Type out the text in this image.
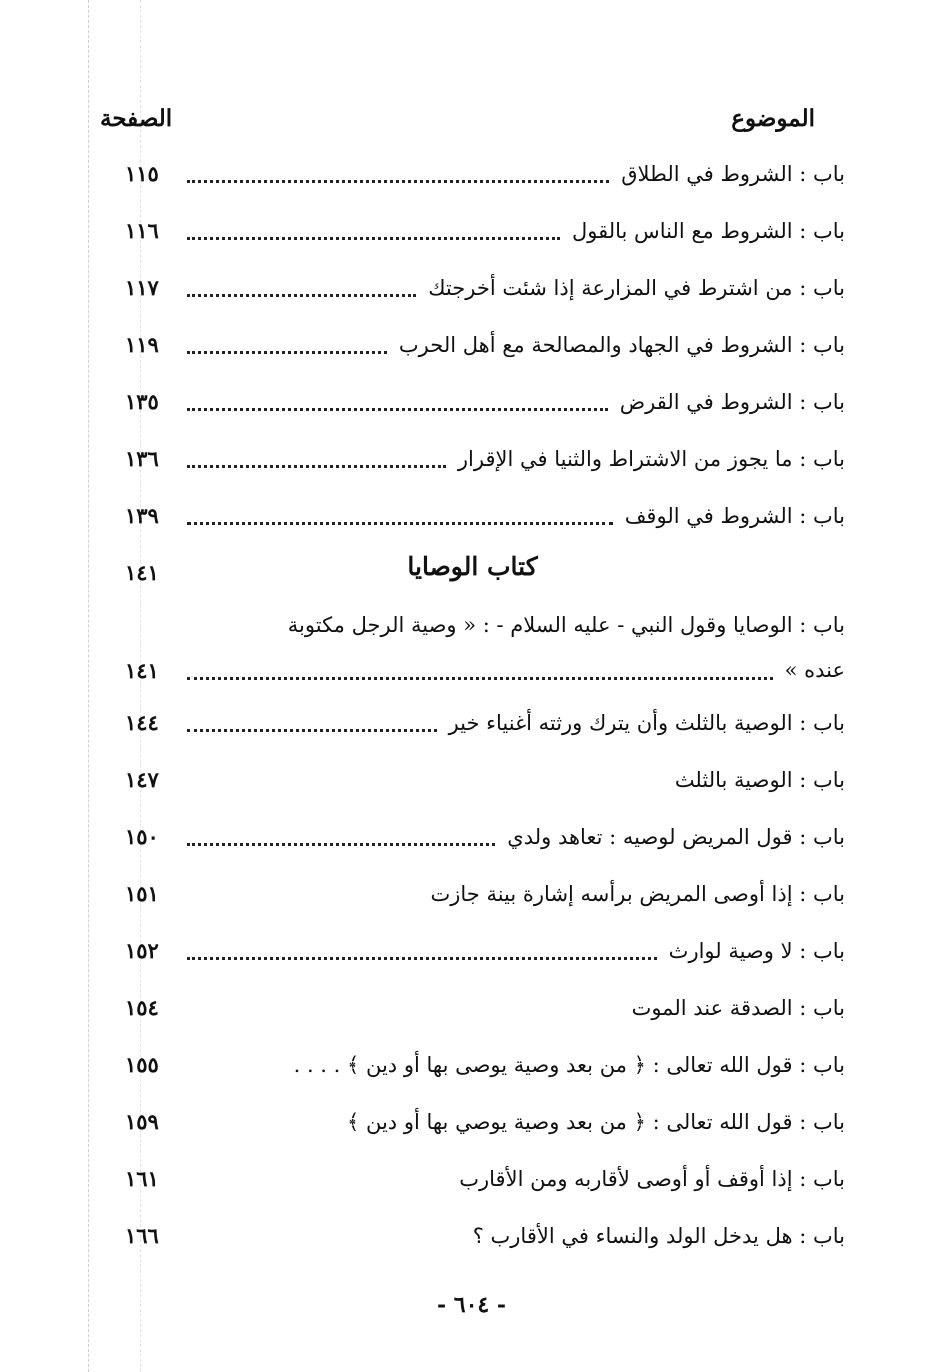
الصفحة	الموضوع
١١٥	باب : الشروط في الطلاق
١١٦	باب : الشروط مع الناس بالقول
١١٧	باب : من اشترط في المزارعة إذا شئت أخرجتك
١١٩	باب : الشروط في الجهاد والمصالحة مع أهل الحرب
١٣٥	باب : الشروط في القرض
١٣٦	باب : ما يجوز من الاشتراط والثنيا في الإقرار
١٣٩	باب : الشروط في الوقف
١٤١	كتاب الوصايا
باب : الوصايا وقول النبي - عليه السلام - : « وصية الرجل مكتوبة
١٤١	عنده »
١٤٤	باب : الوصية بالثلث وأن يترك ورثته أغنياء خير
١٤٧	باب : الوصية بالثلث
١٥٠	باب : قول المريض لوصيه : تعاهد ولدي
١٥١	باب : إذا أوصى المريض برأسه إشارة بينة جازت
١٥٢	باب : لا وصية لوارث
١٥٤	باب : الصدقة عند الموت
١٥٥	باب : قول الله تعالى : ﴿ من بعد وصية يوصى بها أو دين ﴾ . . . .
١٥٩	باب : قول الله تعالى : ﴿ من بعد وصية يوصي بها أو دين ﴾
١٦١	باب : إذا أوقف أو أوصى لأقاربه ومن الأقارب
١٦٦	باب : هل يدخل الولد والنساء في الأقارب ؟
- ٦٠٤ -
